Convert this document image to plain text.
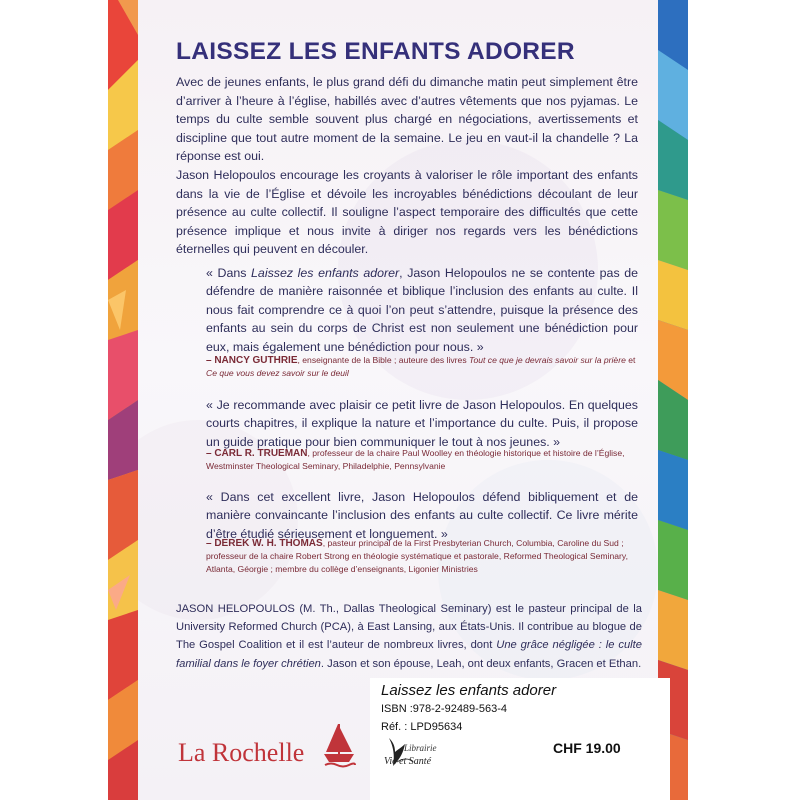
LAISSEZ LES ENFANTS ADORER
Avec de jeunes enfants, le plus grand défi du dimanche matin peut simplement être d’arriver à l’heure à l’église, habillés avec d’autres vêtements que nos pyjamas. Le temps du culte semble souvent plus chargé en négociations, avertissements et discipline que tout autre moment de la semaine. Le jeu en vaut-il la chandelle ? La réponse est oui.
Jason Helopoulos encourage les croyants à valoriser le rôle important des enfants dans la vie de l’Église et dévoile les incroyables bénédictions découlant de leur présence au culte collectif. Il souligne l’aspect temporaire des difficultés que cette présence implique et nous invite à diriger nos regards vers les bénédictions éternelles qui peuvent en découler.
« Dans Laissez les enfants adorer, Jason Helopoulos ne se contente pas de défendre de manière raisonnée et biblique l’inclusion des enfants au culte. Il nous fait comprendre ce à quoi l’on peut s’attendre, puisque la présence des enfants au sein du corps de Christ est non seulement une bénédiction pour eux, mais également une bénédiction pour nous. »
– NANCY GUTHRIE, enseignante de la Bible ; auteure des livres Tout ce que je devrais savoir sur la prière et Ce que vous devez savoir sur le deuil
« Je recommande avec plaisir ce petit livre de Jason Helopoulos. En quelques courts chapitres, il explique la nature et l’importance du culte. Puis, il propose un guide pratique pour bien communiquer le tout à nos jeunes. »
– CARL R. TRUEMAN, professeur de la chaire Paul Woolley en théologie historique et histoire de l’Église, Westminster Theological Seminary, Philadelphie, Pennsylvanie
« Dans cet excellent livre, Jason Helopoulos défend bibliquement et de manière convaincante l’inclusion des enfants au culte collectif. Ce livre mérite d’être étudié sérieusement et longuement. »
– DEREK W. H. THOMAS, pasteur principal de la First Presbyterian Church, Columbia, Caroline du Sud ; professeur de la chaire Robert Strong en théologie systématique et pastorale, Reformed Theological Seminary, Atlanta, Géorgie ; membre du collège d’enseignants, Ligonier Ministries
JASON HELOPOULOS (M. Th., Dallas Theological Seminary) est le pasteur principal de la University Reformed Church (PCA), à East Lansing, aux États-Unis. Il contribue au blogue de The Gospel Coalition et il est l’auteur de nombreux livres, dont Une grâce négligée : le culte familial dans le foyer chrétien. Jason et son épouse, Leah, ont deux enfants, Gracen et Ethan.
La Rochelle
Laissez les enfants adorer
ISBN :978-2-92489-563-4
Réf. : LPD95634
CHF 19.00
Librairie
Vie et Santé
